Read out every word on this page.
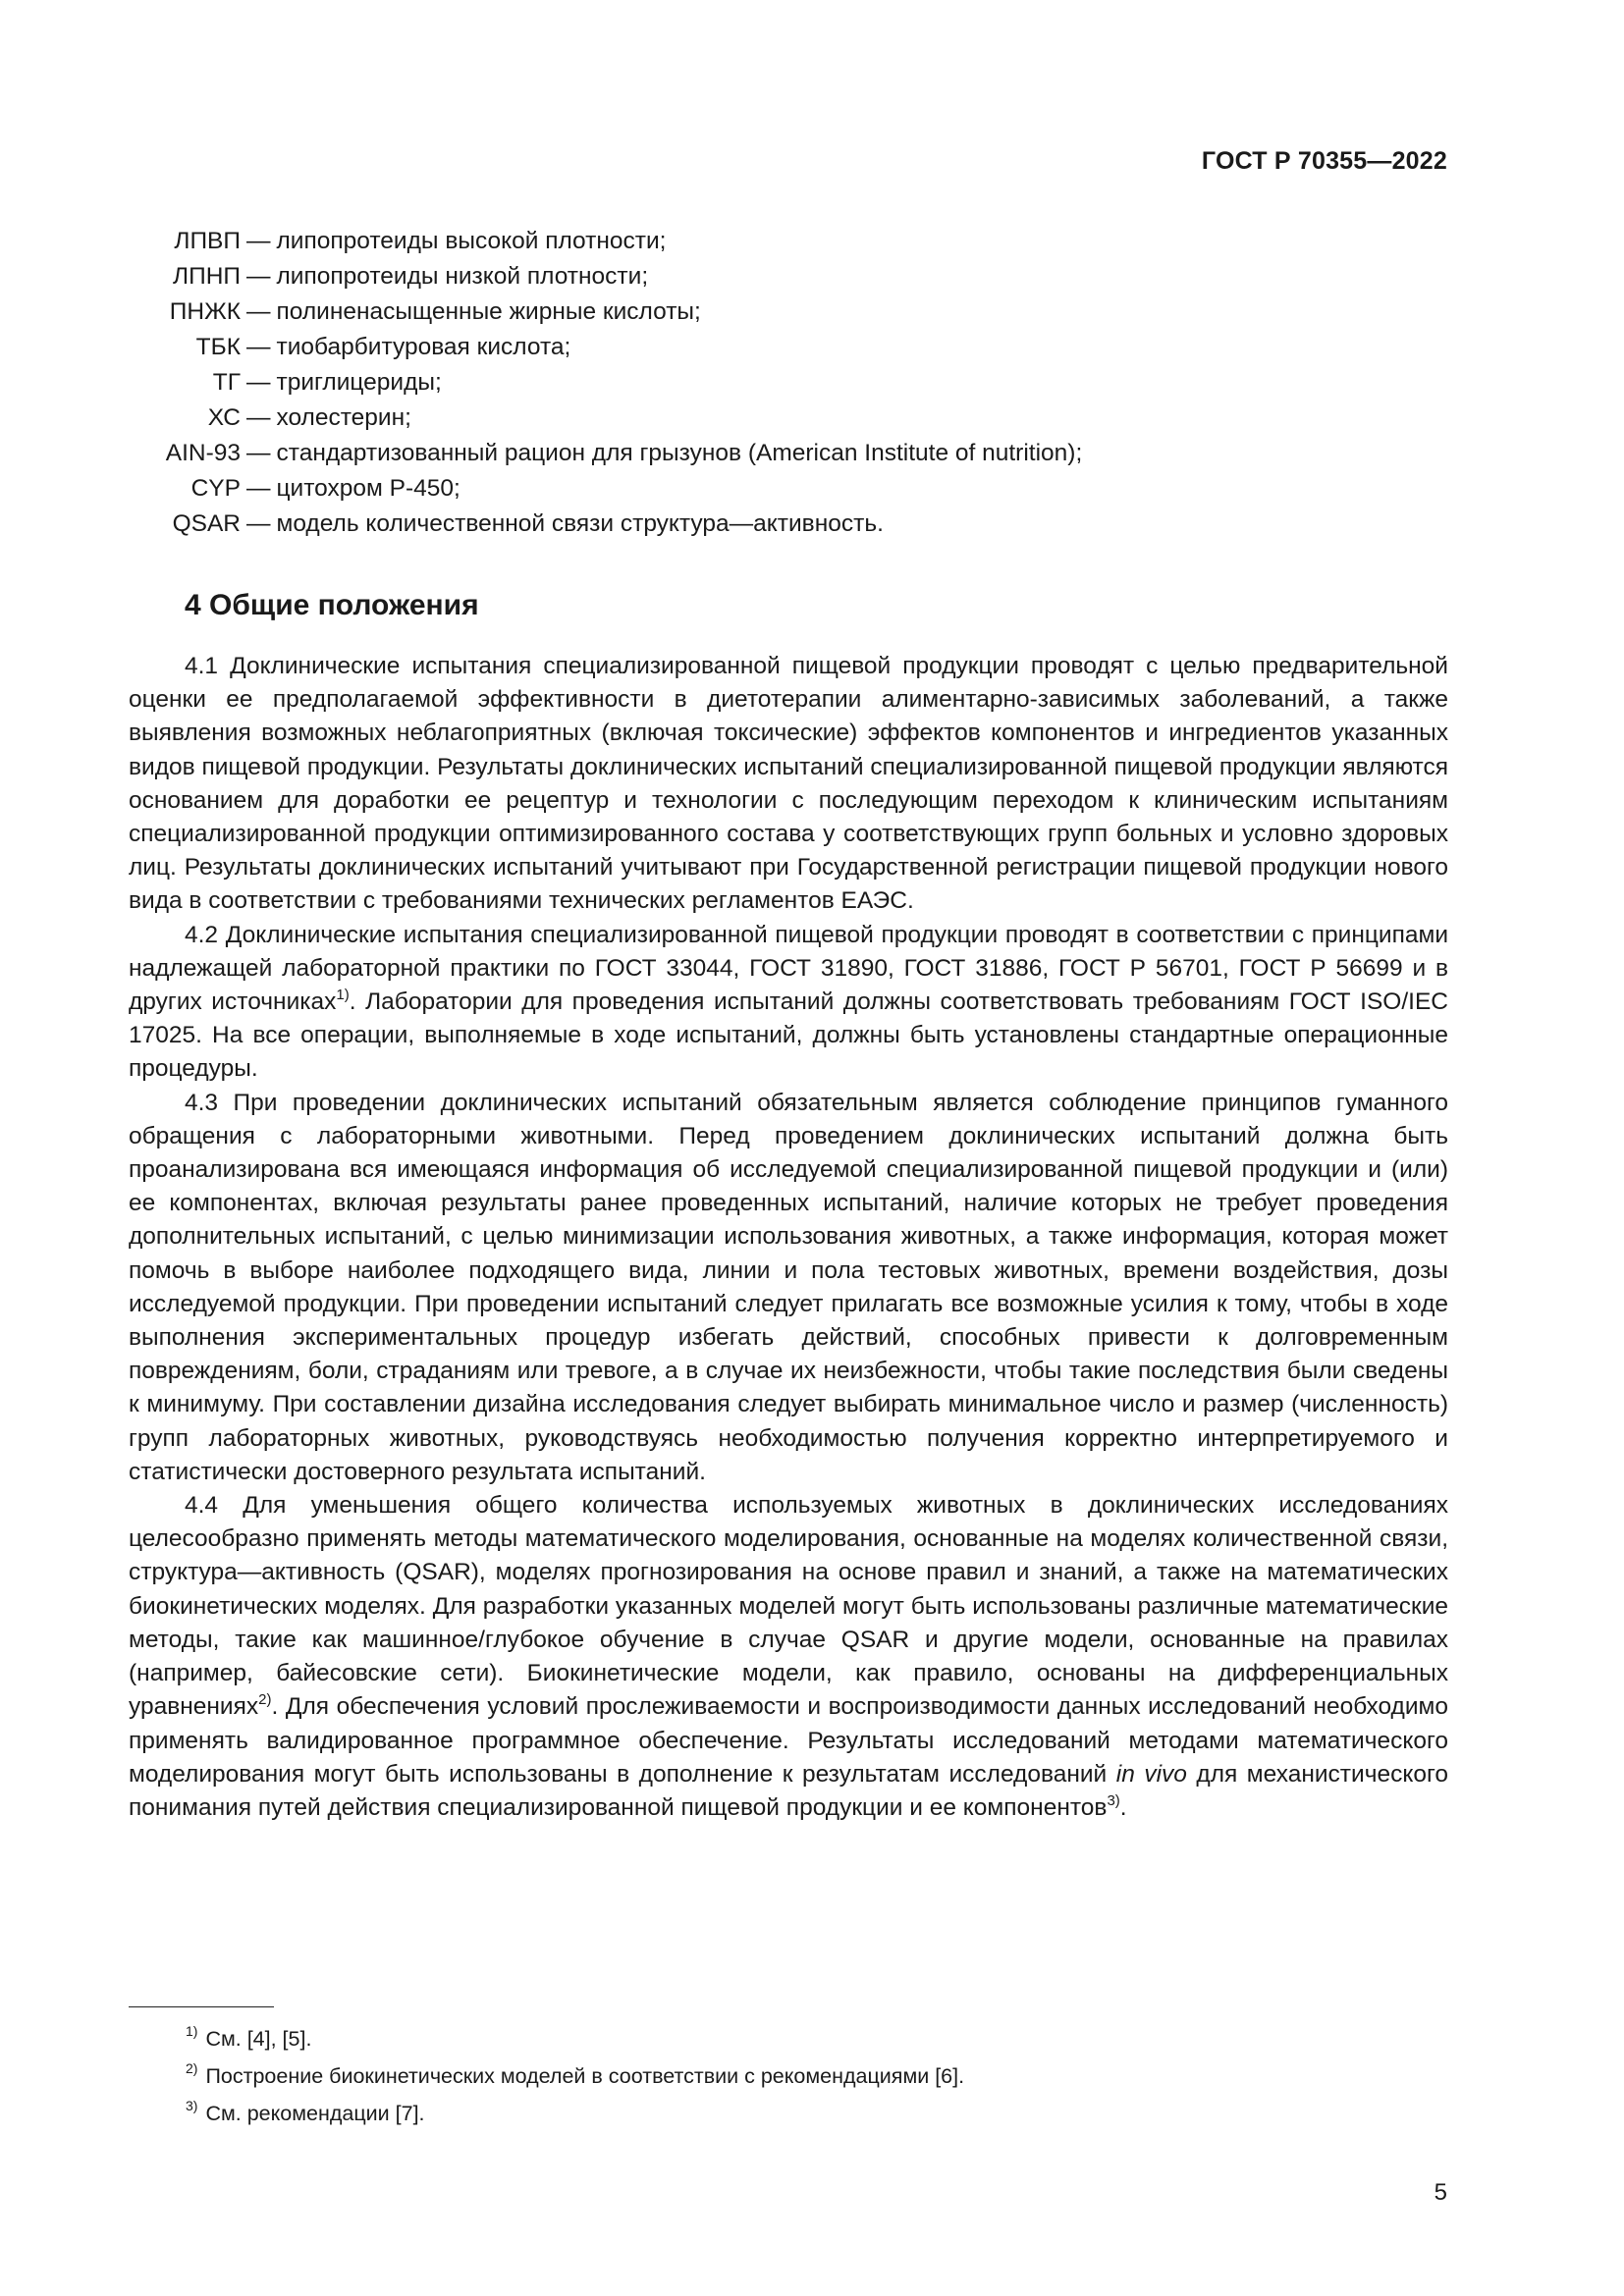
ГОСТ Р 70355—2022
ЛПВП — липопротеиды высокой плотности;
ЛПНП — липопротеиды низкой плотности;
ПНЖК — полиненасыщенные жирные кислоты;
ТБК — тиобарбитуровая кислота;
ТГ — триглицериды;
ХС — холестерин;
AIN-93 — стандартизованный рацион для грызунов (American Institute of nutrition);
CYP — цитохром Р-450;
QSAR — модель количественной связи структура—активность.
4 Общие положения

4.1 Доклинические испытания специализированной пищевой продукции проводят с целью предварительной оценки ее предполагаемой эффективности в диетотерапии алиментарно-зависимых заболеваний, а также выявления возможных неблагоприятных (включая токсические) эффектов компонентов и ингредиентов указанных видов пищевой продукции. Результаты доклинических испытаний специализированной пищевой продукции являются основанием для доработки ее рецептур и технологии с последующим переходом к клиническим испытаниям специализированной продукции оптимизированного состава у соответствующих групп больных и условно здоровых лиц. Результаты доклинических испытаний учитывают при Государственной регистрации пищевой продукции нового вида в соответствии с требованиями технических регламентов ЕАЭС.

4.2 Доклинические испытания специализированной пищевой продукции проводят в соответствии с принципами надлежащей лабораторной практики по ГОСТ 33044, ГОСТ 31890, ГОСТ 31886, ГОСТ Р 56701, ГОСТ Р 56699 и в других источниках$^{1)}$. Лаборатории для проведения испытаний должны соответствовать требованиям ГОСТ ISO/IEC 17025. На все операции, выполняемые в ходе испытаний, должны быть установлены стандартные операционные процедуры.

4.3 При проведении доклинических испытаний обязательным является соблюдение принципов гуманного обращения с лабораторными животными. Перед проведением доклинических испытаний должна быть проанализирована вся имеющаяся информация об исследуемой специализированной пищевой продукции и (или) ее компонентах, включая результаты ранее проведенных испытаний, наличие которых не требует проведения дополнительных испытаний, с целью минимизации использования животных, а также информация, которая может помочь в выборе наиболее подходящего вида, линии и пола тестовых животных, времени воздействия, дозы исследуемой продукции. При проведении испытаний следует прилагать все возможные усилия к тому, чтобы в ходе выполнения экспериментальных процедур избегать действий, способных привести к долговременным повреждениям, боли, страданиям или тревоге, а в случае их неизбежности, чтобы такие последствия были сведены к минимуму. При составлении дизайна исследования следует выбирать минимальное число и размер (численность) групп лабораторных животных, руководствуясь необходимостью получения корректно интерпретируемого и статистически достоверного результата испытаний.

4.4 Для уменьшения общего количества используемых животных в доклинических исследованиях целесообразно применять методы математического моделирования, основанные на моделях количественной связи, структура—активность (QSAR), моделях прогнозирования на основе правил и знаний, а также на математических биокинетических моделях. Для разработки указанных моделей могут быть использованы различные математические методы, такие как машинное/глубокое обучение в случае QSAR и другие модели, основанные на правилах (например, байесовские сети). Биокинетические модели, как правило, основаны на дифференциальных уравнениях$^{2)}$. Для обеспечения условий прослеживаемости и воспроизводимости данных исследований необходимо применять валидированное программное обеспечение. Результаты исследований методами математического моделирования могут быть использованы в дополнение к результатам исследований in vivo для механистического понимания путей действия специализированной пищевой продукции и ее компонентов$^{3)}$.

$^{1)}$ См. [4], [5].
$^{2)}$ Построение биокинетических моделей в соответствии с рекомендациями [6].
$^{3)}$ См. рекомендации [7].
5
